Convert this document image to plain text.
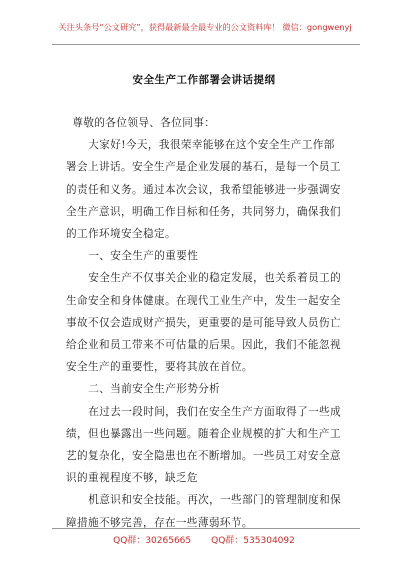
关注头条号“公文研究”，获得最新最全最专业的公文资料库！ 微信：gongwenyj
安全生产工作部署会讲话提纲

尊敬的各位领导、各位同事：

大家好!今天，我很荣幸能够在这个安全生产工作部署会上讲话。安全生产是企业发展的基石，是每一个员工的责任和义务。通过本次会议，我希望能够进一步强调安全生产意识，明确工作目标和任务，共同努力，确保我们的工作环境安全稳定。

一、安全生产的重要性

安全生产不仅事关企业的稳定发展，也关系着员工的生命安全和身体健康。在现代工业生产中，发生一起安全事故不仅会造成财产损失，更重要的是可能导致人员伤亡给企业和员工带来不可估量的后果。因此，我们不能忽视安全生产的重要性，要将其放在首位。

二、当前安全生产形势分析

在过去一段时间，我们在安全生产方面取得了一些成绩，但也暴露出一些问题。随着企业规模的扩大和生产工艺的复杂化，安全隐患也在不断增加。一些员工对安全意识的重视程度不够，缺乏危

机意识和安全技能。再次，一些部门的管理制度和保障措施不够完善，存在一些薄弱环节。

QQ群：30265665 QQ群：535304092
